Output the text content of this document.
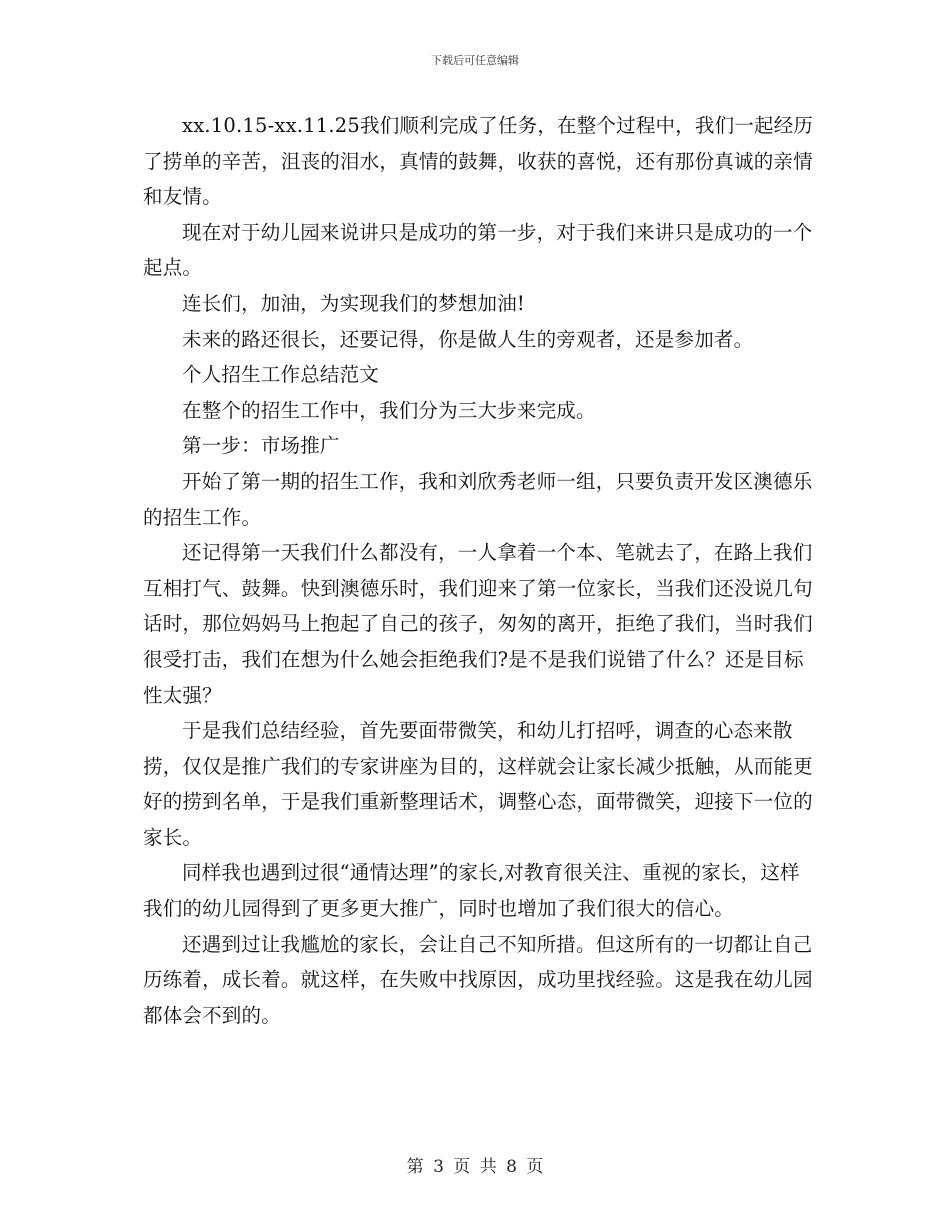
下载后可任意编辑

xx.10.15-xx.11.25我们顺利完成了任务，在整个过程中，我们一起经历了捞单的辛苦，沮丧的泪水，真情的鼓舞，收获的喜悦，还有那份真诚的亲情和友情。

现在对于幼儿园来说讲只是成功的第一步，对于我们来讲只是成功的一个起点。

连长们，加油，为实现我们的梦想加油!

未来的路还很长，还要记得，你是做人生的旁观者，还是参加者。

个人招生工作总结范文

在整个的招生工作中，我们分为三大步来完成。

第一步：市场推广

开始了第一期的招生工作，我和刘欣秀老师一组，只要负责开发区澳德乐的招生工作。

还记得第一天我们什么都没有，一人拿着一个本、笔就去了，在路上我们互相打气、鼓舞。快到澳德乐时，我们迎来了第一位家长，当我们还没说几句话时，那位妈妈马上抱起了自己的孩子，匆匆的离开，拒绝了我们，当时我们很受打击，我们在想为什么她会拒绝我们?是不是我们说错了什么？还是目标性太强？

于是我们总结经验，首先要面带微笑，和幼儿打招呼，调查的心态来散捞，仅仅是推广我们的专家讲座为目的，这样就会让家长减少抵触，从而能更好的捞到名单，于是我们重新整理话术，调整心态，面带微笑，迎接下一位的家长。

同样我也遇到过很“通情达理”的家长,对教育很关注、重视的家长，这样我们的幼儿园得到了更多更大推广，同时也增加了我们很大的信心。

还遇到过让我尴尬的家长，会让自己不知所措。但这所有的一切都让自己历练着，成长着。就这样，在失败中找原因，成功里找经验。这是我在幼儿园都体会不到的。

第 3 页 共 8 页
